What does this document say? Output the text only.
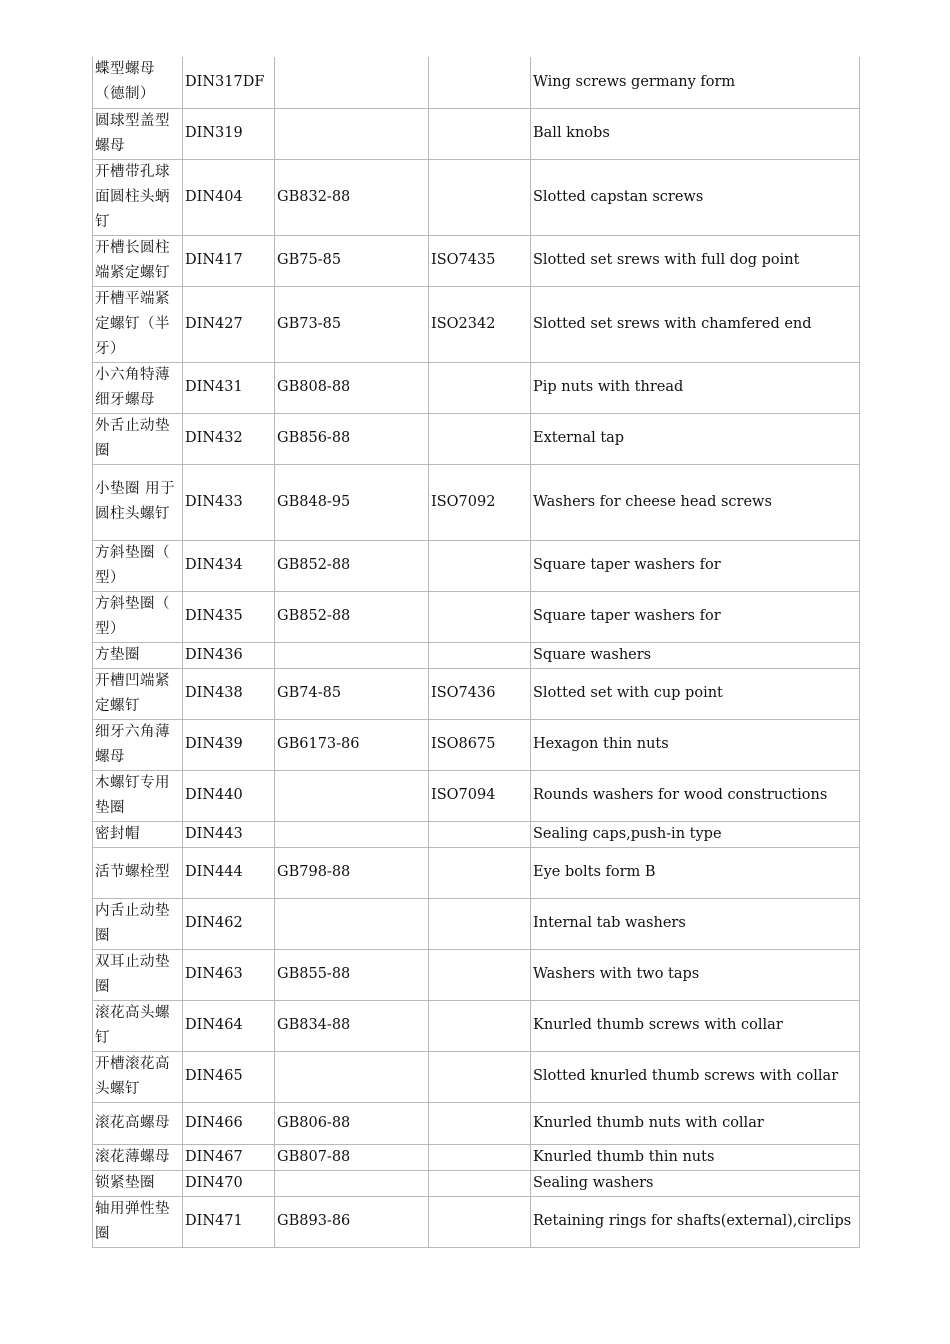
蝶型螺母（德制）	DIN317DF			Wing screws germany form
圆球型盖型螺母	DIN319			Ball knobs
开槽带孔球面圆柱头蛃钉	DIN404	GB832-88		Slotted capstan screws
开槽长圆柱端紧定螺钉	DIN417	GB75-85	ISO7435	Slotted set srews with full dog point
开槽平端紧定螺钉（半牙）	DIN427	GB73-85	ISO2342	Slotted set srews with chamfered end
小六角特薄细牙螺母	DIN431	GB808-88		Pip nuts with thread
外舌止动垫圈	DIN432	GB856-88		External tap
小垫圈 用于圆柱头螺钉	DIN433	GB848-95	ISO7092	Washers for cheese head screws
方斜垫圈（　　型）	DIN434	GB852-88		Square taper washers for
方斜垫圈（　　型）	DIN435	GB852-88		Square taper washers for
方垫圈	DIN436			Square washers
开槽凹端紧定螺钉	DIN438	GB74-85	ISO7436	Slotted set with cup point
细牙六角薄螺母	DIN439	GB6173-86	ISO8675	Hexagon thin nuts
木螺钉专用垫圈	DIN440		ISO7094	Rounds washers for wood constructions
密封帽	DIN443			Sealing caps,push-in type
活节螺栓型	DIN444	GB798-88		Eye bolts form B
内舌止动垫圈	DIN462			Internal tab washers
双耳止动垫圈	DIN463	GB855-88		Washers with two taps
滚花高头螺钉	DIN464	GB834-88		Knurled thumb screws with collar
开槽滚花高头螺钉	DIN465			Slotted knurled thumb screws with collar
滚花高螺母	DIN466	GB806-88		Knurled thumb nuts with collar
滚花薄螺母	DIN467	GB807-88		Knurled thumb thin nuts
锁紧垫圈	DIN470			Sealing washers
轴用弹性垫圈	DIN471	GB893-86		Retaining rings for shafts(external),circlips
